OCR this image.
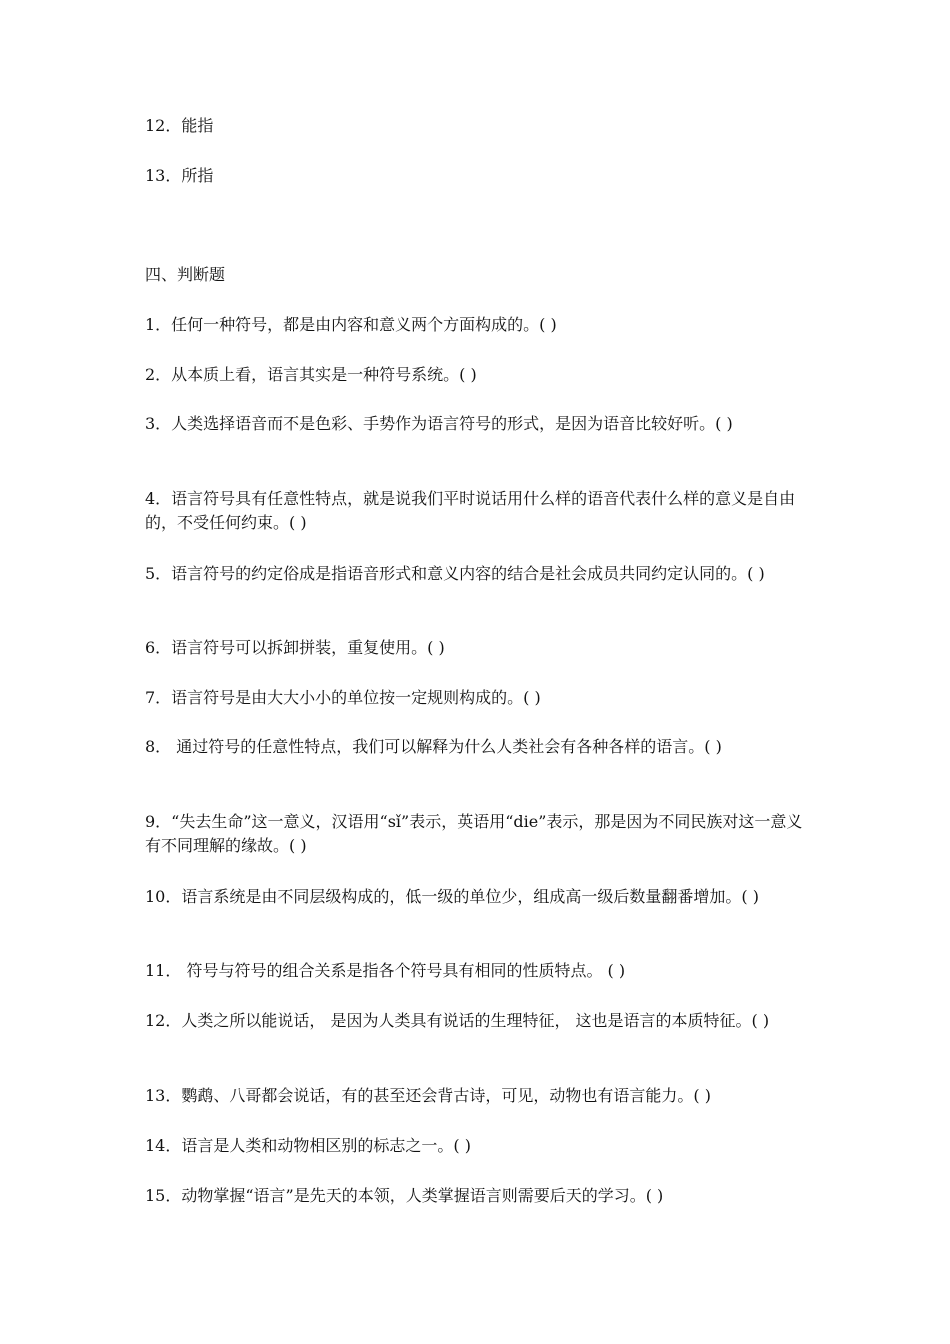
12．能指

13．所指

四、判断题

1．任何一种符号，都是由内容和意义两个方面构成的。( )

2．从本质上看，语言其实是一种符号系统。( )

3．人类选择语音而不是色彩、手势作为语言符号的形式，是因为语音比较好听。( )

4．语言符号具有任意性特点，就是说我们平时说话用什么样的语音代表什么样的意义是自由的，不受任何约束。( )

5．语言符号的约定俗成是指语音形式和意义内容的结合是社会成员共同约定认同的。( )

6．语言符号可以拆卸拼装，重复使用。( )

7．语言符号是由大大小小的单位按一定规则构成的。( )

8． 通过符号的任意性特点，我们可以解释为什么人类社会有各种各样的语言。( )

9．“失去生命”这一意义，汉语用“sǐ”表示，英语用“die”表示，那是因为不同民族对这一意义有不同理解的缘故。( )

10．语言系统是由不同层级构成的，低一级的单位少，组成高一级后数量翻番增加。( )

11． 符号与符号的组合关系是指各个符号具有相同的性质特点。 ( )

12．人类之所以能说话， 是因为人类具有说话的生理特征， 这也是语言的本质特征。( )

13．鹦鹉、八哥都会说话，有的甚至还会背古诗，可见，动物也有语言能力。( )

14．语言是人类和动物相区别的标志之一。( )

15．动物掌握“语言”是先天的本领，人类掌握语言则需要后天的学习。( )
